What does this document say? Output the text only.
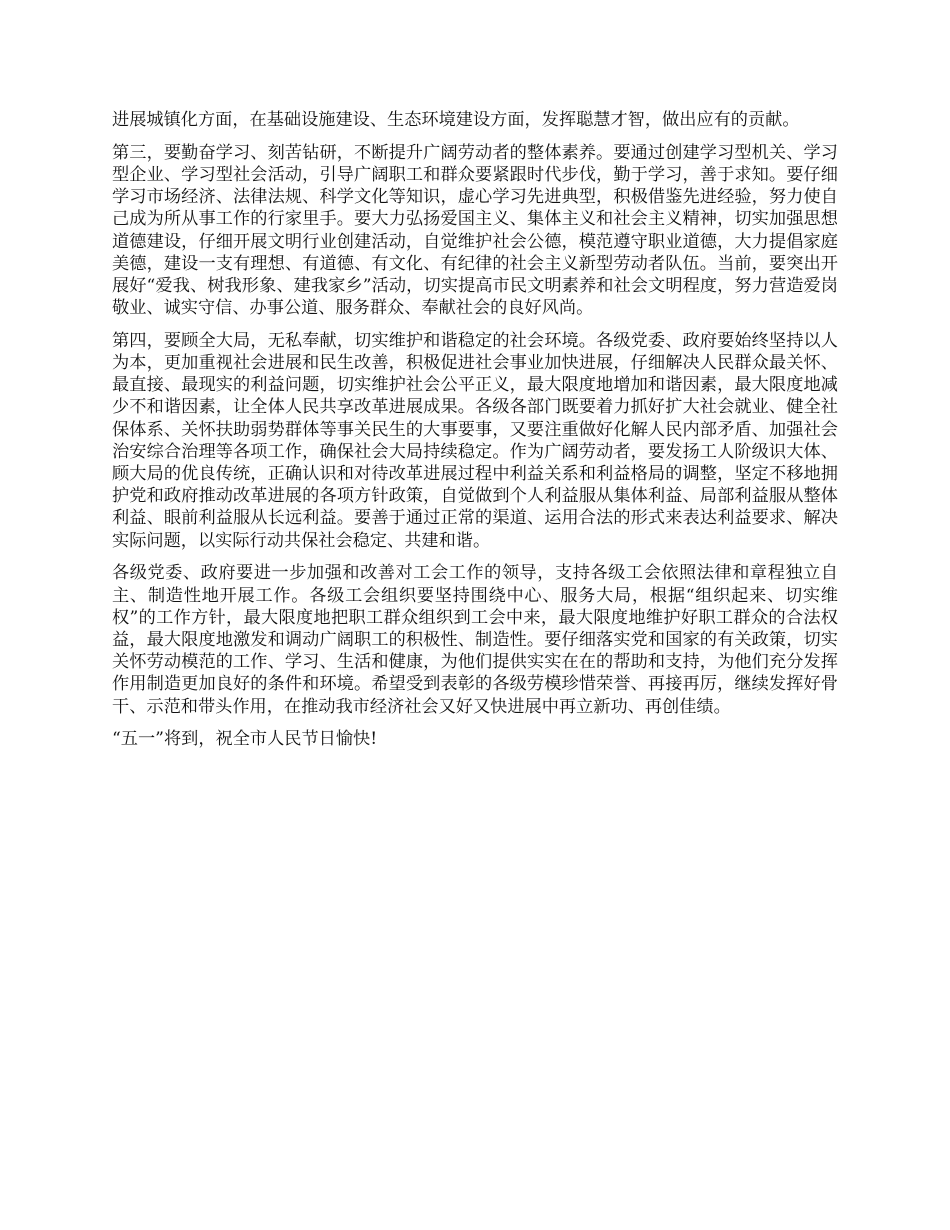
进展城镇化方面，在基础设施建设、生态环境建设方面，发挥聪慧才智，做出应有的贡献。

第三，要勤奋学习、刻苦钻研，不断提升广阔劳动者的整体素养。要通过创建学习型机关、学习型企业、学习型社会活动，引导广阔职工和群众要紧跟时代步伐，勤于学习，善于求知。要仔细学习市场经济、法律法规、科学文化等知识，虚心学习先进典型，积极借鉴先进经验，努力使自己成为所从事工作的行家里手。要大力弘扬爱国主义、集体主义和社会主义精神，切实加强思想道德建设，仔细开展文明行业创建活动，自觉维护社会公德，模范遵守职业道德，大力提倡家庭美德，建设一支有理想、有道德、有文化、有纪律的社会主义新型劳动者队伍。当前，要突出开展好“爱我、树我形象、建我家乡”活动，切实提高市民文明素养和社会文明程度，努力营造爱岗敬业、诚实守信、办事公道、服务群众、奉献社会的良好风尚。

第四，要顾全大局，无私奉献，切实维护和谐稳定的社会环境。各级党委、政府要始终坚持以人为本，更加重视社会进展和民生改善，积极促进社会事业加快进展，仔细解决人民群众最关怀、最直接、最现实的利益问题，切实维护社会公平正义，最大限度地增加和谐因素，最大限度地减少不和谐因素，让全体人民共享改革进展成果。各级各部门既要着力抓好扩大社会就业、健全社保体系、关怀扶助弱势群体等事关民生的大事要事，又要注重做好化解人民内部矛盾、加强社会治安综合治理等各项工作，确保社会大局持续稳定。作为广阔劳动者，要发扬工人阶级识大体、顾大局的优良传统，正确认识和对待改革进展过程中利益关系和利益格局的调整，坚定不移地拥护党和政府推动改革进展的各项方针政策，自觉做到个人利益服从集体利益、局部利益服从整体利益、眼前利益服从长远利益。要善于通过正常的渠道、运用合法的形式来表达利益要求、解决实际问题，以实际行动共保社会稳定、共建和谐。

各级党委、政府要进一步加强和改善对工会工作的领导，支持各级工会依照法律和章程独立自主、制造性地开展工作。各级工会组织要坚持围绕中心、服务大局，根据“组织起来、切实维权”的工作方针，最大限度地把职工群众组织到工会中来，最大限度地维护好职工群众的合法权益，最大限度地激发和调动广阔职工的积极性、制造性。要仔细落实党和国家的有关政策，切实关怀劳动模范的工作、学习、生活和健康，为他们提供实实在在的帮助和支持，为他们充分发挥作用制造更加良好的条件和环境。希望受到表彰的各级劳模珍惜荣誉、再接再厉，继续发挥好骨干、示范和带头作用，在推动我市经济社会又好又快进展中再立新功、再创佳绩。

“五一”将到，祝全市人民节日愉快!
